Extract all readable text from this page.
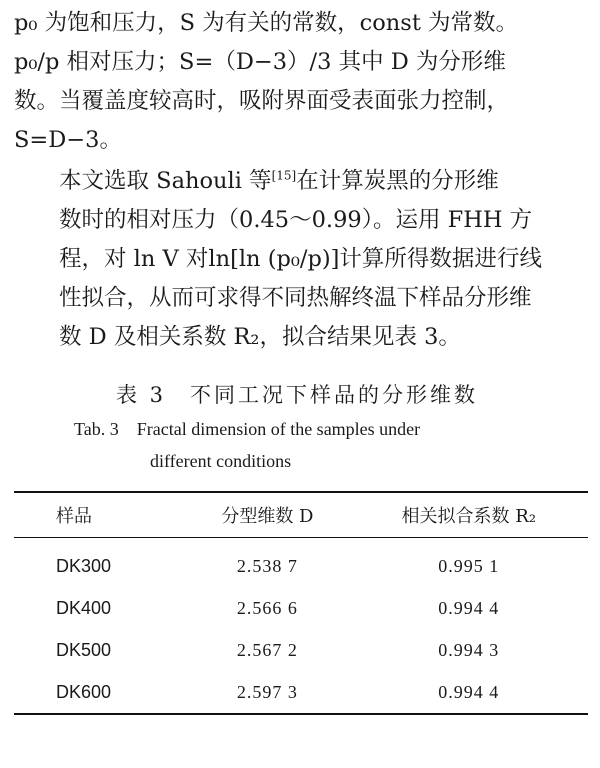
p₀ 为饱和压力，S 为有关的常数，const 为常数。
p₀/p 相对压力；S=（D−3）/3 其中 D 为分形维
数。当覆盖度较高时，吸附界面受表面张力控制，
S=D−3。

本文选取 Sahouli 等[15]在计算炭黑的分形维
数时的相对压力（0.45～0.99）。运用 FHH 方
程，对 ln V 对ln[ln (p₀/p)]计算所得数据进行线
性拟合，从而可求得不同热解终温下样品分形维
数 D 及相关系数 R₂，拟合结果见表 3。

表 3　不同工况下样品的分形维数
Tab. 3　Fractal dimension of the samples under
different conditions
样品	分型维数 D	相关拟合系数 R₂
DK300	2.538 7	0.995 1
DK400	2.566 6	0.994 4
DK500	2.567 2	0.994 3
DK600	2.597 3	0.994 4
